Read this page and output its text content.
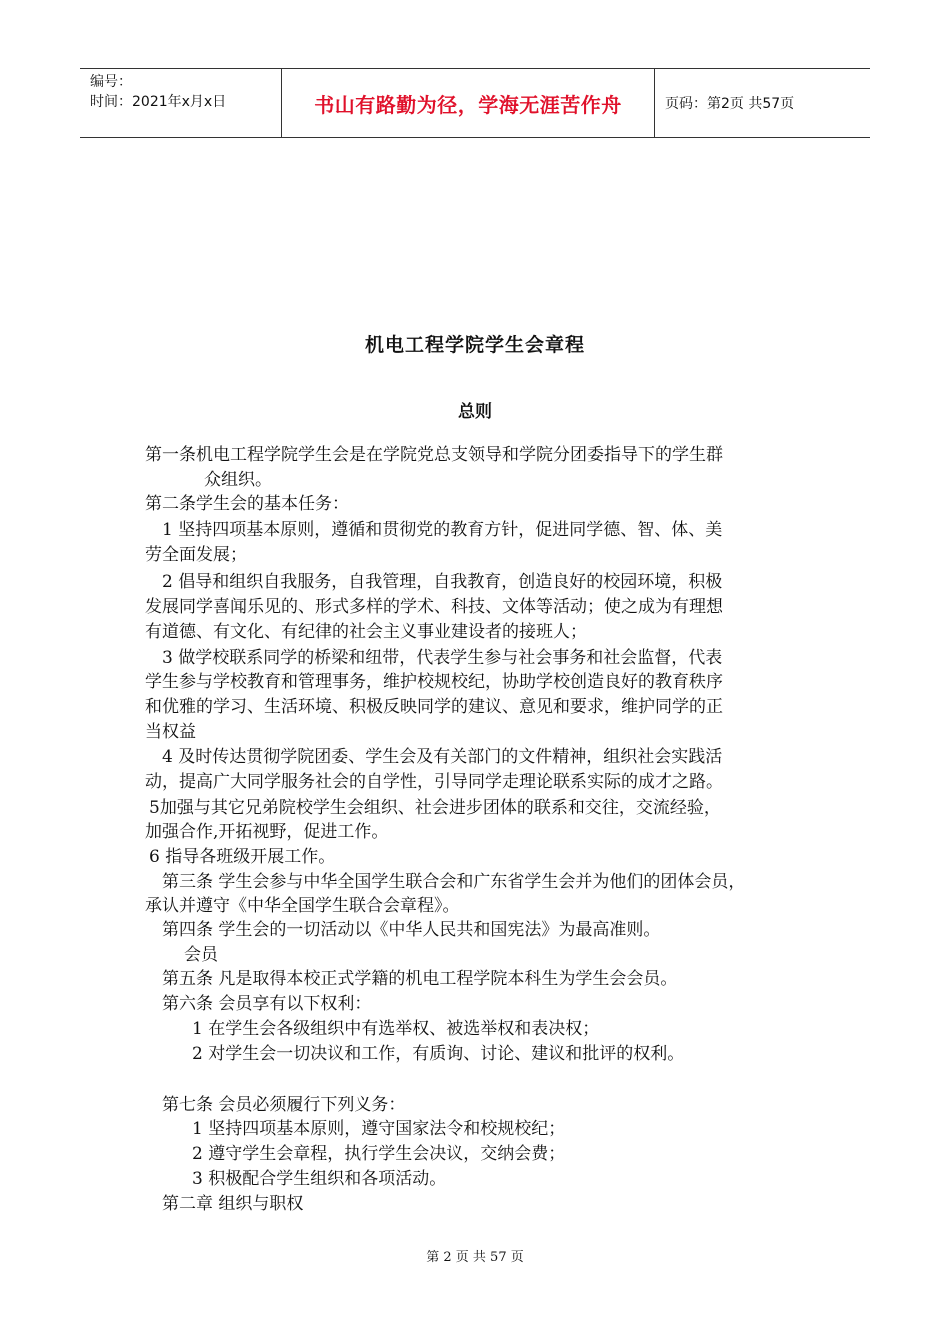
编号：
时间：2021年x月x日	书山有路勤为径，学海无涯苦作舟	页码：第2页 共57页
机电工程学院学生会章程
总则
第一条机电工程学院学生会是在学院党总支领导和学院分团委指导下的学生群
众组织。
第二条学生会的基本任务：
1 坚持四项基本原则，遵循和贯彻党的教育方针，促进同学德、智、体、美
劳全面发展；
2 倡导和组织自我服务，自我管理，自我教育，创造良好的校园环境，积极
发展同学喜闻乐见的、形式多样的学术、科技、文体等活动；使之成为有理想
有道德、有文化、有纪律的社会主义事业建设者的接班人；
3 做学校联系同学的桥梁和纽带，代表学生参与社会事务和社会监督，代表
学生参与学校教育和管理事务，维护校规校纪，协助学校创造良好的教育秩序
和优雅的学习、生活环境、积极反映同学的建议、意见和要求，维护同学的正
当权益
4 及时传达贯彻学院团委、学生会及有关部门的文件精神，组织社会实践活
动，提高广大同学服务社会的自学性，引导同学走理论联系实际的成才之路。
5加强与其它兄弟院校学生会组织、社会进步团体的联系和交往，交流经验，
加强合作,开拓视野，促进工作。
6 指导各班级开展工作。
第三条 学生会参与中华全国学生联合会和广东省学生会并为他们的团体会员，
承认并遵守《中华全国学生联合会章程》。
第四条 学生会的一切活动以《中华人民共和国宪法》为最高准则。
会员
第五条 凡是取得本校正式学籍的机电工程学院本科生为学生会会员。
第六条 会员享有以下权利：
1 在学生会各级组织中有选举权、被选举权和表决权；
2 对学生会一切决议和工作，有质询、讨论、建议和批评的权利。
第七条 会员必须履行下列义务：
1 坚持四项基本原则，遵守国家法令和校规校纪；
2 遵守学生会章程，执行学生会决议，交纳会费；
3 积极配合学生组织和各项活动。
第二章 组织与职权
第 2 页 共 57 页
